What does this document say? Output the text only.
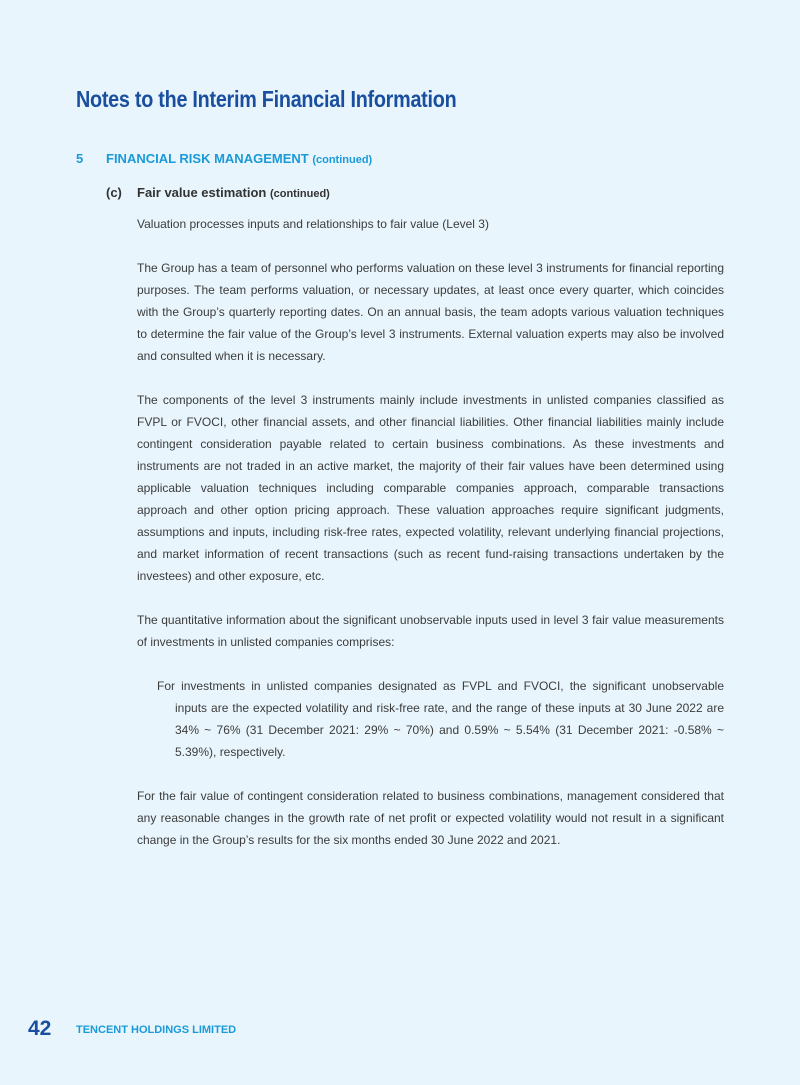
Notes to the Interim Financial Information
5 FINANCIAL RISK MANAGEMENT (continued)
(c) Fair value estimation (continued)

Valuation processes inputs and relationships to fair value (Level 3)

The Group has a team of personnel who performs valuation on these level 3 instruments for financial reporting purposes. The team performs valuation, or necessary updates, at least once every quarter, which coincides with the Group’s quarterly reporting dates. On an annual basis, the team adopts various valuation techniques to determine the fair value of the Group’s level 3 instruments. External valuation experts may also be involved and consulted when it is necessary.

The components of the level 3 instruments mainly include investments in unlisted companies classified as FVPL or FVOCI, other financial assets, and other financial liabilities. Other financial liabilities mainly include contingent consideration payable related to certain business combinations. As these investments and instruments are not traded in an active market, the majority of their fair values have been determined using applicable valuation techniques including comparable companies approach, comparable transactions approach and other option pricing approach. These valuation approaches require significant judgments, assumptions and inputs, including risk-free rates, expected volatility, relevant underlying financial projections, and market information of recent transactions (such as recent fund-raising transactions undertaken by the investees) and other exposure, etc.

The quantitative information about the significant unobservable inputs used in level 3 fair value measurements of investments in unlisted companies comprises:

For investments in unlisted companies designated as FVPL and FVOCI, the significant unobservable inputs are the expected volatility and risk-free rate, and the range of these inputs at 30 June 2022 are 34% ~ 76% (31 December 2021: 29% ~ 70%) and 0.59% ~ 5.54% (31 December 2021: -0.58% ~ 5.39%), respectively.

For the fair value of contingent consideration related to business combinations, management considered that any reasonable changes in the growth rate of net profit or expected volatility would not result in a significant change in the Group’s results for the six months ended 30 June 2022 and 2021.

42 TENCENT HOLDINGS LIMITED
